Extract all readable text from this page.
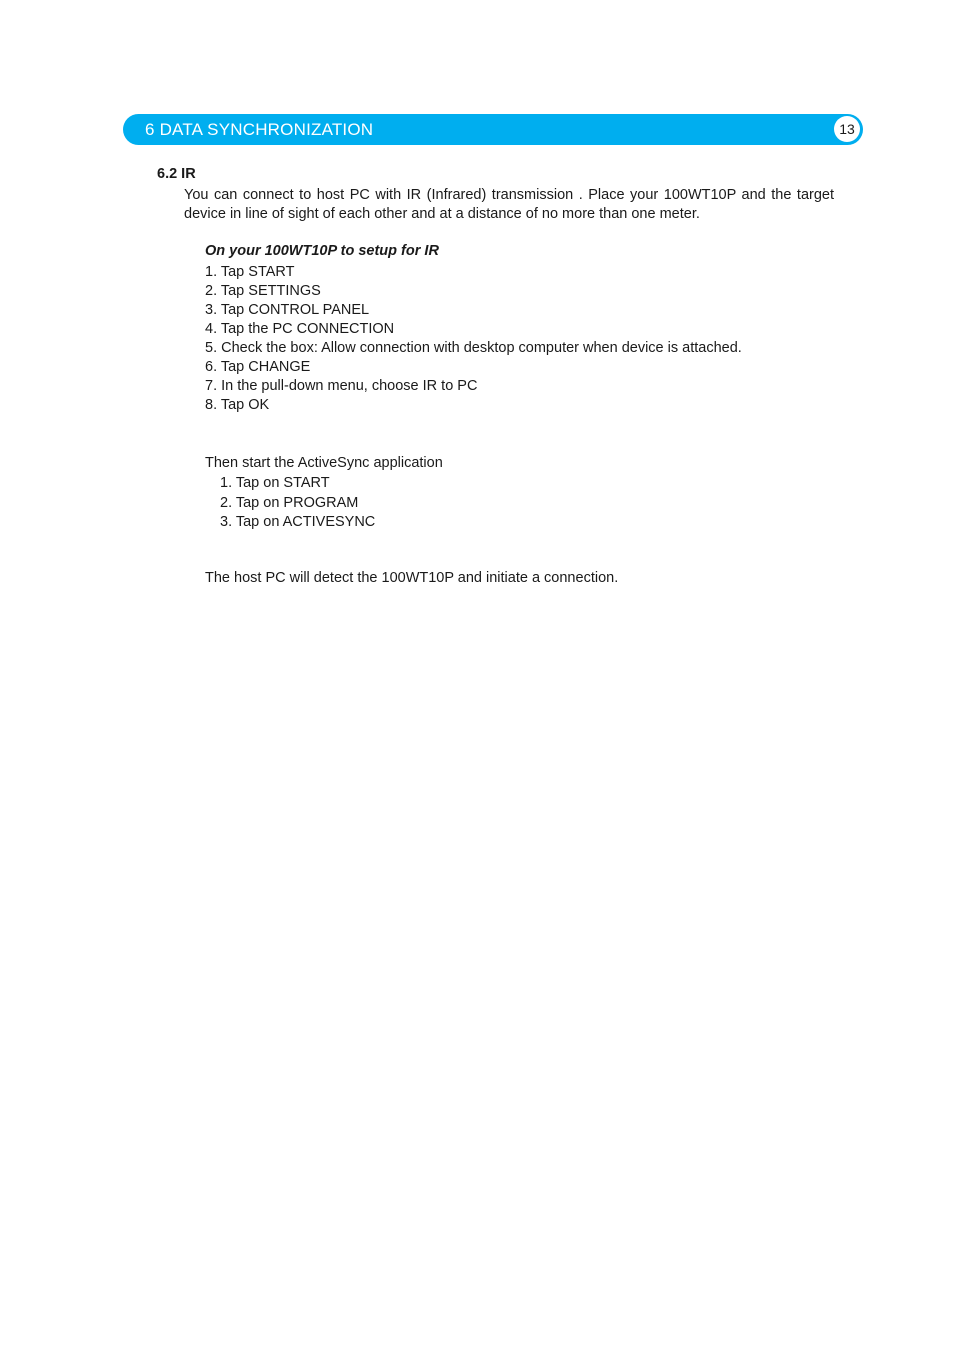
6 DATA SYNCHRONIZATION	13
6.2 IR
You can connect to host PC with IR (Infrared) transmission . Place your 100WT10P and the target device in line of sight of each other and at a distance of no more than one meter.
On your 100WT10P to setup for IR
1. Tap START
2. Tap SETTINGS
3. Tap CONTROL PANEL
4. Tap the PC CONNECTION
5. Check the box: Allow connection with desktop computer when device is attached.
6. Tap CHANGE
7. In the pull-down menu, choose IR to PC
8. Tap OK
Then start the ActiveSync application
1. Tap on START
2. Tap on PROGRAM
3. Tap on ACTIVESYNC
The host PC will detect the 100WT10P and initiate a connection.
